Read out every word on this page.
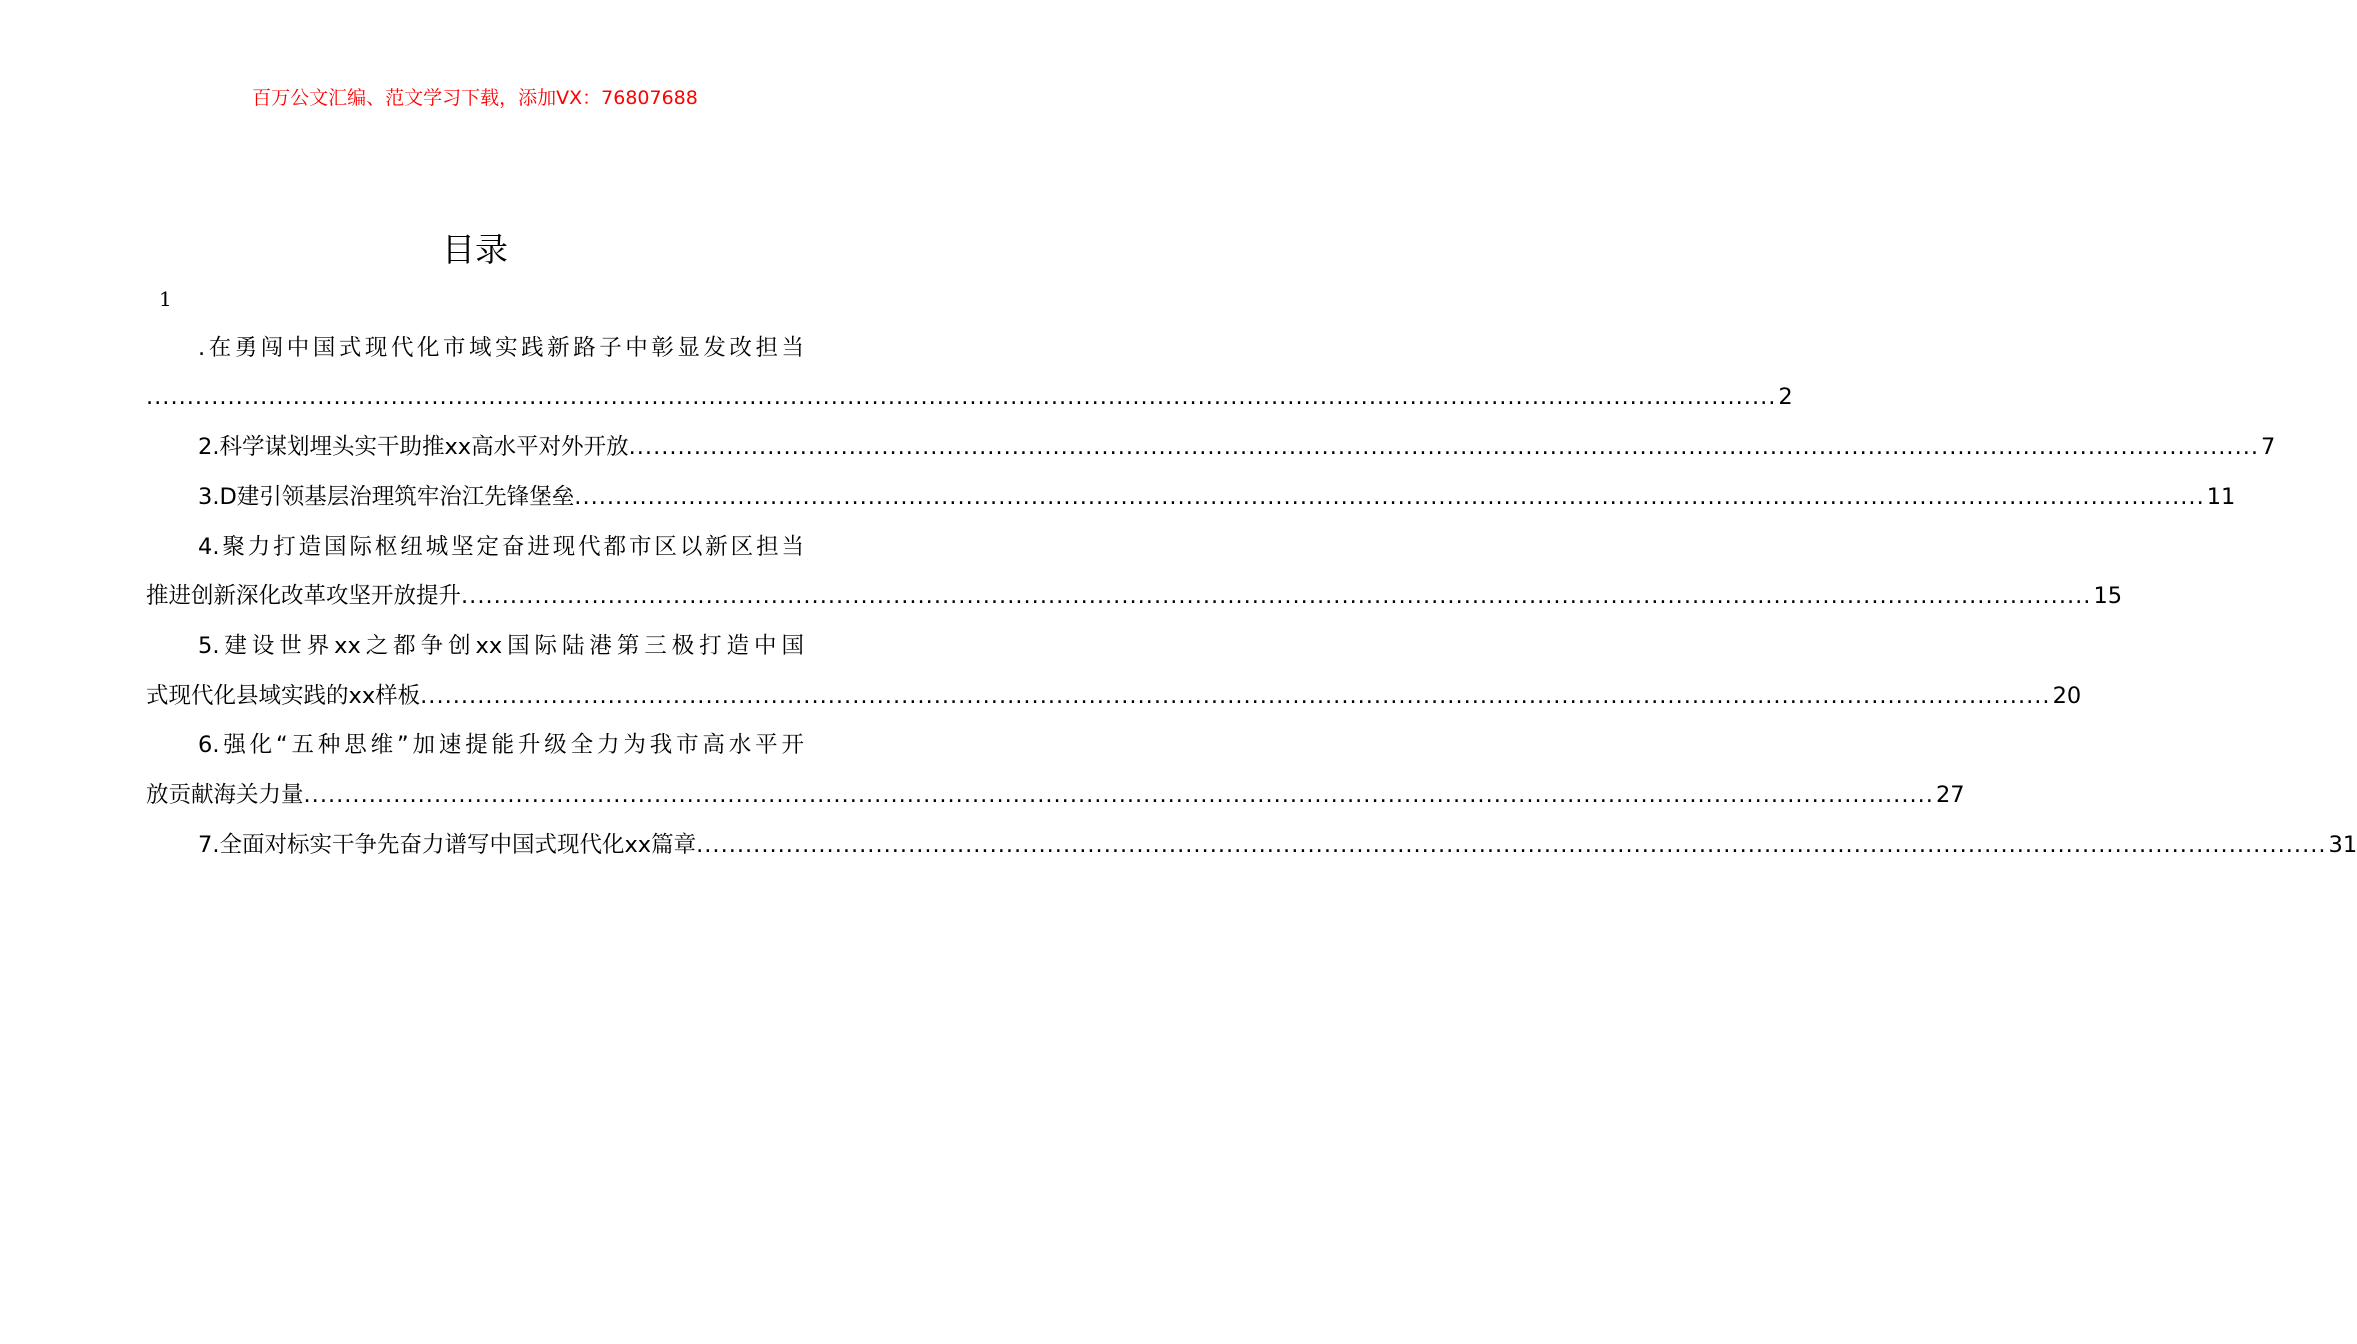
百万公文汇编、范文学习下载，添加VX：76807688
目录
1
.在勇闯中国式现代化市域实践新路子中彰显发改担当
........................................................................................................................................................................................................ 2
2.科学谋划埋头实干助推xx高水平对外开放 ........................................................................................................................................................................................................ 7
3.D建引领基层治理筑牢治江先锋堡垒 ........................................................................................................................................................................................................ 11
4.聚力打造国际枢纽城坚定奋进现代都市区以新区担当
推进创新深化改革攻坚开放提升 ........................................................................................................................................................................................................ 15
5.建设世界xx之都争创xx国际陆港第三极打造中国
式现代化县域实践的xx样板 ........................................................................................................................................................................................................ 20
6.强化“五种思维”加速提能升级全力为我市高水平开
放贡献海关力量 ........................................................................................................................................................................................................ 27
7.全面对标实干争先奋力谱写中国式现代化xx篇章 ........................................................................................................................................................................................................ 31
